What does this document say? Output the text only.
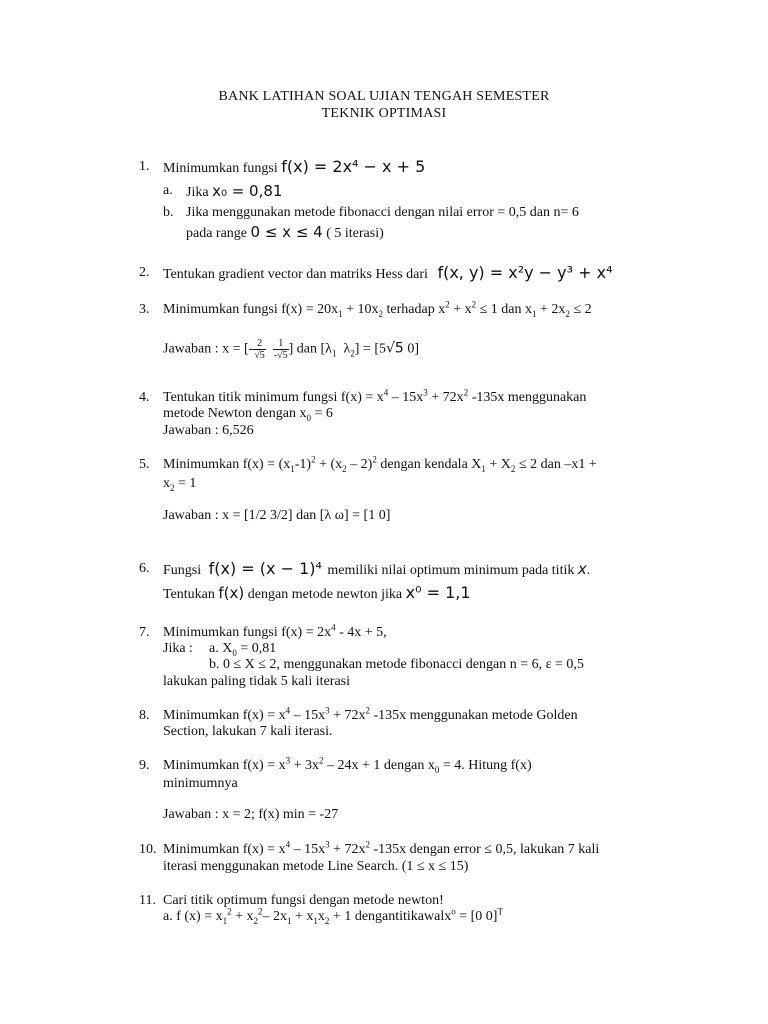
BANK LATIHAN SOAL UJIAN TENGAH SEMESTER
TEKNIK OPTIMASI
1. Minimumkan fungsi f(x) = 2x⁴ − x + 5
a. Jika x₀ = 0,81
b. Jika menggunakan metode fibonacci dengan nilai error = 0,5 dan n= 6
pada range 0 ≤ x ≤ 4 ( 5 iterasi)
2. Tentukan gradient vector dan matriks Hess dari f(x, y) = x²y − y³ + x⁴
3. Minimumkan fungsi $f(x) = 20x_1 + 10x_2$ terhadap $x^2 + x^2 \le 1$ dan $x_1 + 2x_2 \le 2$
Jawaban : x = [- $\frac{2}{√5}$
$\frac{1}{-√5}$ ] dan [$\lambda_1$ $\lambda_2] = [5√5$ 0]
4. Tentukan titik minimum fungsi $f(x) = x^4 - 15x^3 + 72x^2$ -135x menggunakan
metode Newton dengan $x_0 = 6$
Jawaban : 6,526
5. Minimumkan $f(x) = (x_1-1)^2 + (x_2 - 2)^2$ dengan kendala $X_1 + X_2 \le 2$ dan –x1 +
$x_2 = 1$
Jawaban : x = [1/2 3/2] dan [λ ω] = [1 0]
6. Fungsi f(x) = (x − 1)⁴ memiliki nilai optimum minimum pada titik x.
Tentukan f(x) dengan metode newton jika x⁰ = 1,1
7. Minimumkan fungsi $f(x) = 2x^4 - 4x + 5$,
Jika : a. $X_0 = 0,81$
b. 0 ≤ X ≤ 2, menggunakan metode fibonacci dengan n = 6, ε = 0,5
lakukan paling tidak 5 kali iterasi
8. Minimumkan $f(x) = x^4 - 15x^3 + 72x^2$ -135x menggunakan metode Golden
Section, lakukan 7 kali iterasi.
9. Minimumkan $f(x) = x^3 + 3x^2 - 24x + 1$ dengan $x_0 = 4$. Hitung f(x)
minimumnya
Jawaban : x = 2; f(x) min = -27
10. Minimumkan $f(x) = x^4 - 15x^3 + 72x^2$ -135x dengan error ≤ 0,5, lakukan 7 kali
iterasi menggunakan metode Line Search. (1 ≤ x ≤ 15)
11. Cari titik optimum fungsi dengan metode newton!
a. f $(x) = x_1^2 + x_2^2-$ $2x_1 + x_1x_2 + 1$ dengantitikawalx$^o$ = [0 0]$^T$
